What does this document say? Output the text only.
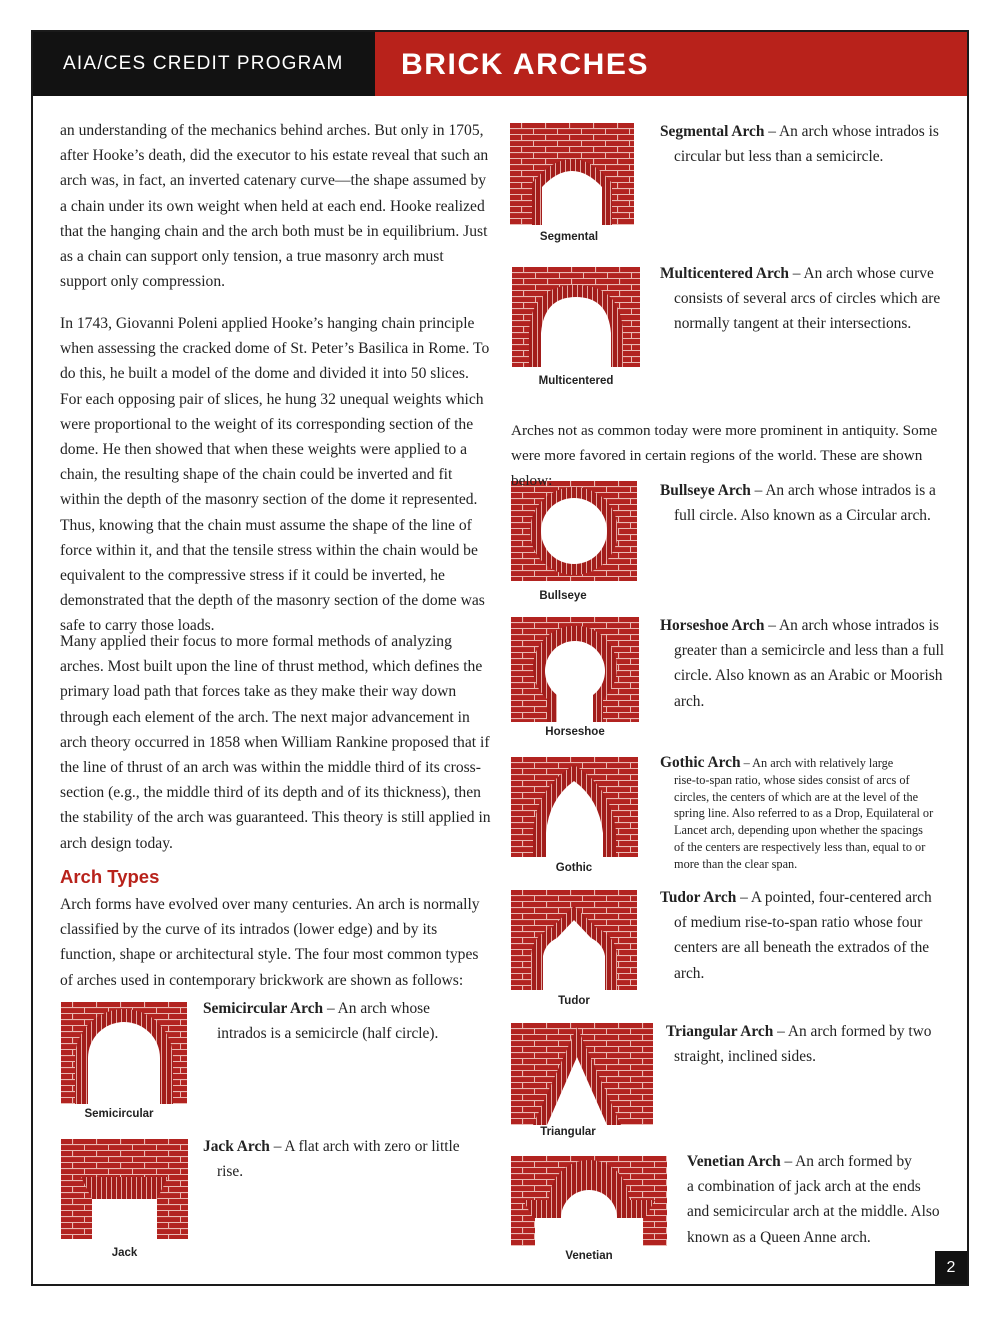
AIA/CES CREDIT PROGRAM	BRICK ARCHES

an understanding of the mechanics behind arches. But only in 1705, after Hooke’s death, did the executor to his estate reveal that such an arch was, in fact, an inverted catenary curve—the shape assumed by a chain under its own weight when held at each end. Hooke realized that the hanging chain and the arch both must be in equilibrium. Just as a chain can support only tension, a true masonry arch must support only compression.

In 1743, Giovanni Poleni applied Hooke’s hanging chain principle when assessing the cracked dome of St. Peter’s Basilica in Rome. To do this, he built a model of the dome and divided it into 50 slices. For each opposing pair of slices, he hung 32 unequal weights which were proportional to the weight of its corresponding section of the dome. He then showed that when these weights were applied to a chain, the resulting shape of the chain could be inverted and fit within the depth of the masonry section of the dome it represented. Thus, knowing that the chain must assume the shape of the line of force within it, and that the tensile stress within the chain would be equivalent to the compressive stress if it could be inverted, he demonstrated that the depth of the masonry section of the dome was safe to carry those loads.

Many applied their focus to more formal methods of analyzing arches. Most built upon the line of thrust method, which defines the primary load path that forces take as they make their way down through each element of the arch. The next major advancement in arch theory occurred in 1858 when William Rankine proposed that if the line of thrust of an arch was within the middle third of its cross-section (e.g., the middle third of its depth and of its thickness), then the stability of the arch was guaranteed. This theory is still applied in arch design today.

Arch Types

Arch forms have evolved over many centuries. An arch is normally classified by the curve of its intrados (lower edge) and by its function, shape or architectural style. The four most common types of arches used in contemporary brickwork are shown as follows:

Semicircular
Jack
Segmental
Multicentered
Bullseye
Horseshoe
Gothic
Tudor
Triangular
Venetian
Semicircular Arch – An arch whose
intrados is a semicircle (half circle).
Jack Arch – A flat arch with zero or little
rise.
Segmental Arch – An arch whose intrados is
circular but less than a semicircle.
Multicentered Arch – An arch whose curve
consists of several arcs of circles which are
normally tangent at their intersections.
Arches not as common today were more prominent in antiquity. Some were more favored in certain regions of the world. These are shown below:
Bullseye Arch – An arch whose intrados is a
full circle. Also known as a Circular arch.
Horseshoe Arch – An arch whose intrados is
greater than a semicircle and less than a full
circle. Also known as an Arabic or Moorish
arch.
Gothic Arch – An arch with relatively large
rise-to-span ratio, whose sides consist of arcs of
circles, the centers of which are at the level of the
spring line. Also referred to as a Drop, Equilateral or
Lancet arch, depending upon whether the spacings
of the centers are respectively less than, equal to or
more than the clear span.
Tudor Arch – A pointed, four-centered arch
of medium rise-to-span ratio whose four
centers are all beneath the extrados of the
arch.
Triangular Arch – An arch formed by two
straight, inclined sides.
Venetian Arch – An arch formed by
a combination of jack arch at the ends
and semicircular arch at the middle. Also
known as a Queen Anne arch.
2
